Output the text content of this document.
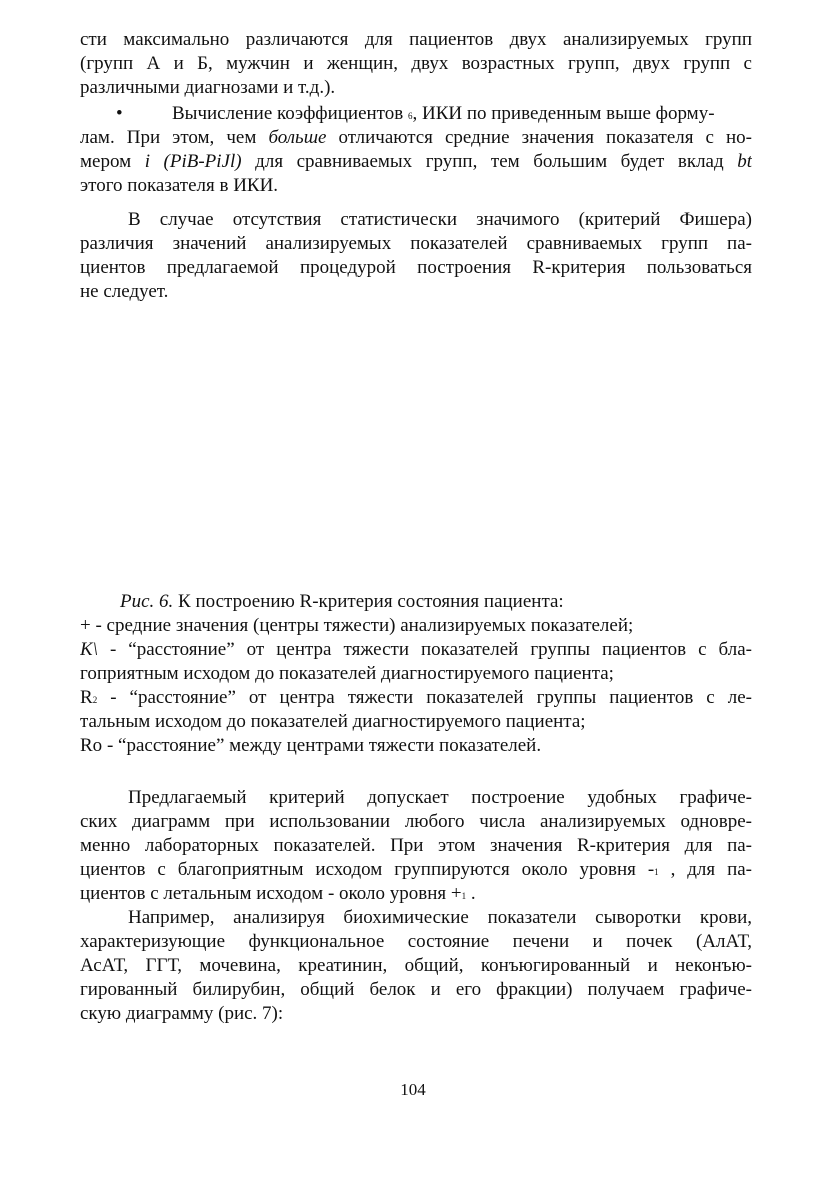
сти максимально различаются для пациентов двух анализируемых групп
(групп А и Б, мужчин и женщин, двух возрастных групп, двух групп с
различными диагнозами и т.д.).
•	Вычисление коэффициентов 6, ИКИ по приведенным выше форму-
лам. При этом, чем больше отличаются средние значения показателя с но-
мером i (PiB-PiJl) для сравниваемых групп, тем большим будет вклад bt
этого показателя в ИКИ.
В случае отсутствия статистически значимого (критерий Фишера)
различия значений анализируемых показателей сравниваемых групп па-
циентов предлагаемой процедурой построения R-критерия пользоваться
не следует.
Рис. 6. К построению R-критерия состояния пациента:
+ - средние значения (центры тяжести) анализируемых показателей;
К\ - “расстояние” от центра тяжести показателей группы пациентов с бла-
гоприятным исходом до показателей диагностируемого пациента;
R2 - “расстояние” от центра тяжести показателей группы пациентов с ле-
тальным исходом до показателей диагностируемого пациента;
Ro - “расстояние” между центрами тяжести показателей.
Предлагаемый критерий допускает построение удобных графиче-
ских диаграмм при использовании любого числа анализируемых одновре-
менно лабораторных показателей. При этом значения R-критерия для па-
циентов с благоприятным исходом группируются около уровня -1 , для па-
циентов с летальным исходом - около уровня +1 .
Например, анализируя биохимические показатели сыворотки крови,
характеризующие функциональное состояние печени и почек (АлАТ,
АсАТ, ГГТ, мочевина, креатинин, общий, конъюгированный и неконъю-
гированный билирубин, общий белок и его фракции) получаем графиче-
скую диаграмму (рис. 7):
104
